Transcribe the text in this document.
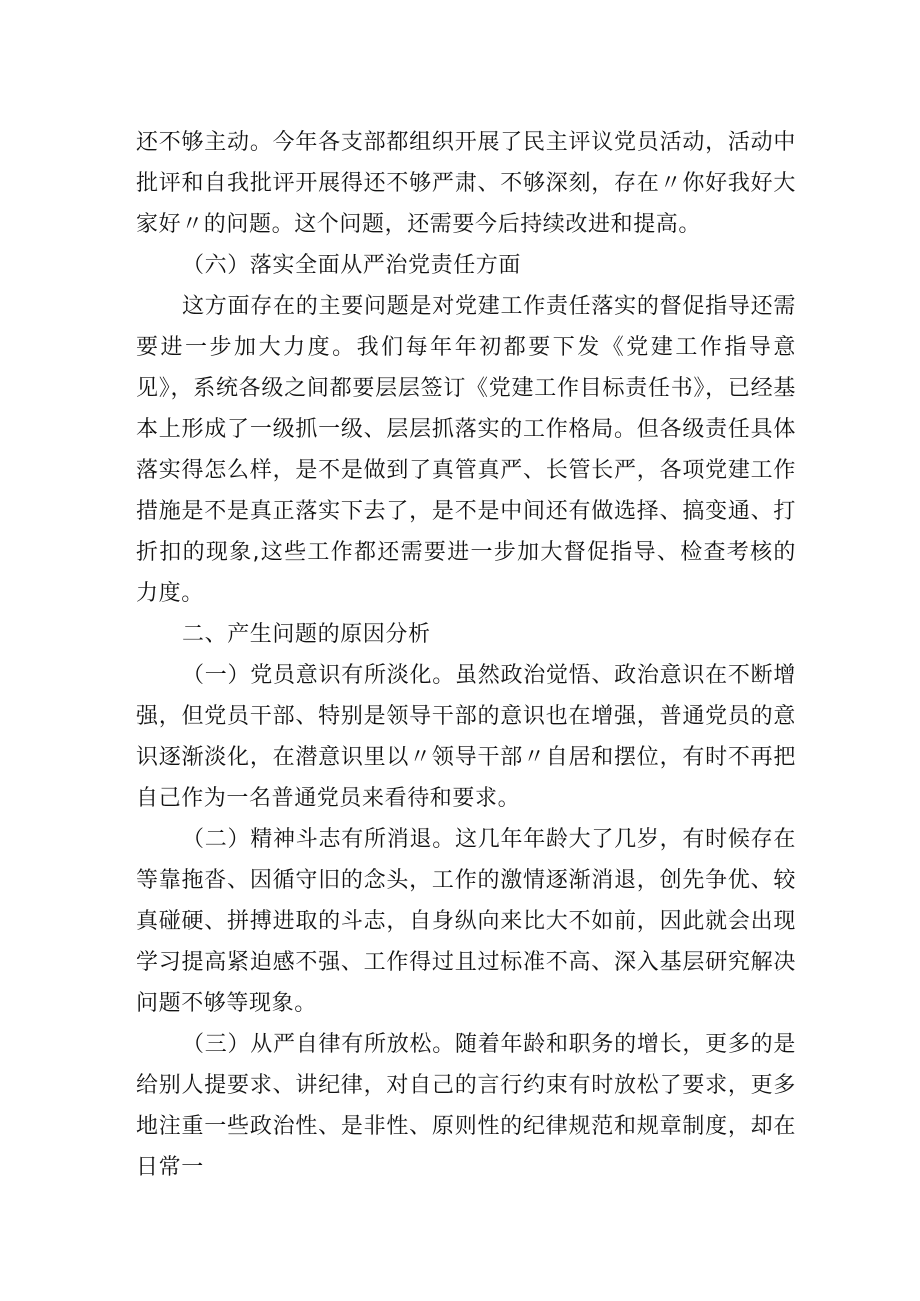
还不够主动。今年各支部都组织开展了民主评议党员活动，活动中批评和自我批评开展得还不够严肃、不够深刻，存在〃你好我好大家好〃的问题。这个问题，还需要今后持续改进和提高。

（六）落实全面从严治党责任方面

这方面存在的主要问题是对党建工作责任落实的督促指导还需要进一步加大力度。我们每年年初都要下发《党建工作指导意见》，系统各级之间都要层层签订《党建工作目标责任书》，已经基本上形成了一级抓一级、层层抓落实的工作格局。但各级责任具体落实得怎么样，是不是做到了真管真严、长管长严，各项党建工作措施是不是真正落实下去了，是不是中间还有做选择、搞变通、打折扣的现象,这些工作都还需要进一步加大督促指导、检查考核的力度。

二、产生问题的原因分析

（一）党员意识有所淡化。虽然政治觉悟、政治意识在不断增强，但党员干部、特别是领导干部的意识也在增强，普通党员的意识逐渐淡化，在潜意识里以〃领导干部〃自居和摆位，有时不再把自己作为一名普通党员来看待和要求。

（二）精神斗志有所消退。这几年年龄大了几岁，有时候存在等靠拖沓、因循守旧的念头，工作的激情逐渐消退，创先争优、较真碰硬、拼搏进取的斗志，自身纵向来比大不如前，因此就会出现学习提高紧迫感不强、工作得过且过标准不高、深入基层研究解决问题不够等现象。

（三）从严自律有所放松。随着年龄和职务的增长，更多的是给别人提要求、讲纪律，对自己的言行约束有时放松了要求，更多地注重一些政治性、是非性、原则性的纪律规范和规章制度，却在日常一
